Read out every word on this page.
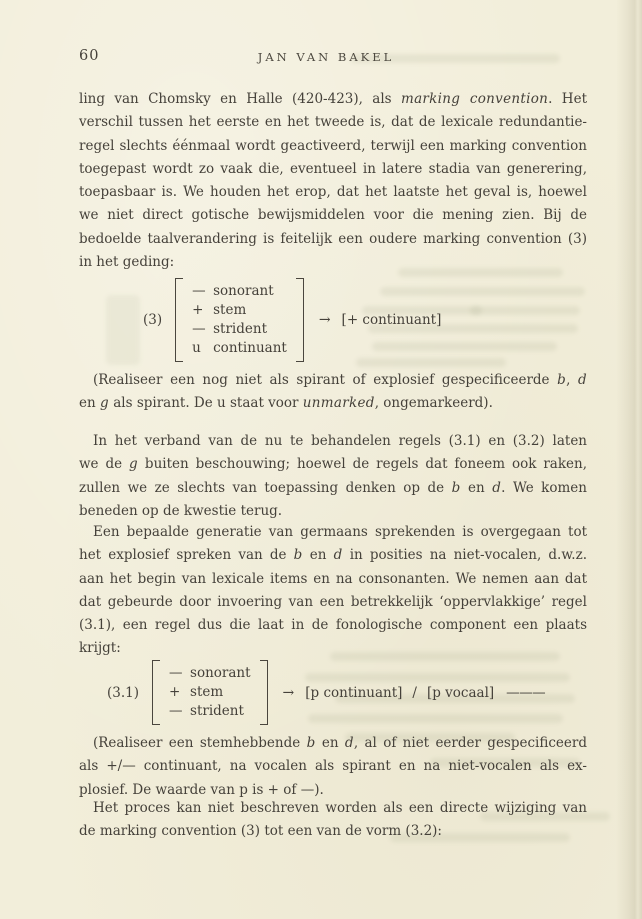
60	JAN VAN BAKEL
ling van Chomsky en Halle (420-423), als marking convention. Het
verschil tussen het eerste en het tweede is, dat de lexicale redundantie-
regel slechts éénmaal wordt geactiveerd, terwijl een marking convention
toegepast wordt zo vaak die, eventueel in latere stadia van generering,
toepasbaar is. We houden het erop, dat het laatste het geval is, hoewel
we niet direct gotische bewijsmiddelen voor die mening zien. Bij de
bedoelde taalverandering is feitelijk een oudere marking convention (3)
in het geding:
(3)
— sonorant
+ stem
— strident
u continuant
→ [+ continuant]
(Realiseer een nog niet als spirant of explosief gespecificeerde b, d
en g als spirant. De u staat voor unmarked, ongemarkeerd).
In het verband van de nu te behandelen regels (3.1) en (3.2) laten
we de g buiten beschouwing; hoewel de regels dat foneem ook raken,
zullen we ze slechts van toepassing denken op de b en d. We komen
beneden op de kwestie terug.
Een bepaalde generatie van germaans sprekenden is overgegaan tot
het explosief spreken van de b en d in posities na niet-vocalen, d.w.z.
aan het begin van lexicale items en na consonanten. We nemen aan dat
dat gebeurde door invoering van een betrekkelijk ‘oppervlakkige’ regel
(3.1), een regel dus die laat in de fonologische component een plaats
krijgt:
(3.1)
— sonorant
+ stem
— strident
→ [p continuant] / [p vocaal] ———
(Realiseer een stemhebbende b en d, al of niet eerder gespecificeerd
als +/— continuant, na vocalen als spirant en na niet-vocalen als ex-
plosief. De waarde van p is + of —).
Het proces kan niet beschreven worden als een directe wijziging van
de marking convention (3) tot een van de vorm (3.2):
